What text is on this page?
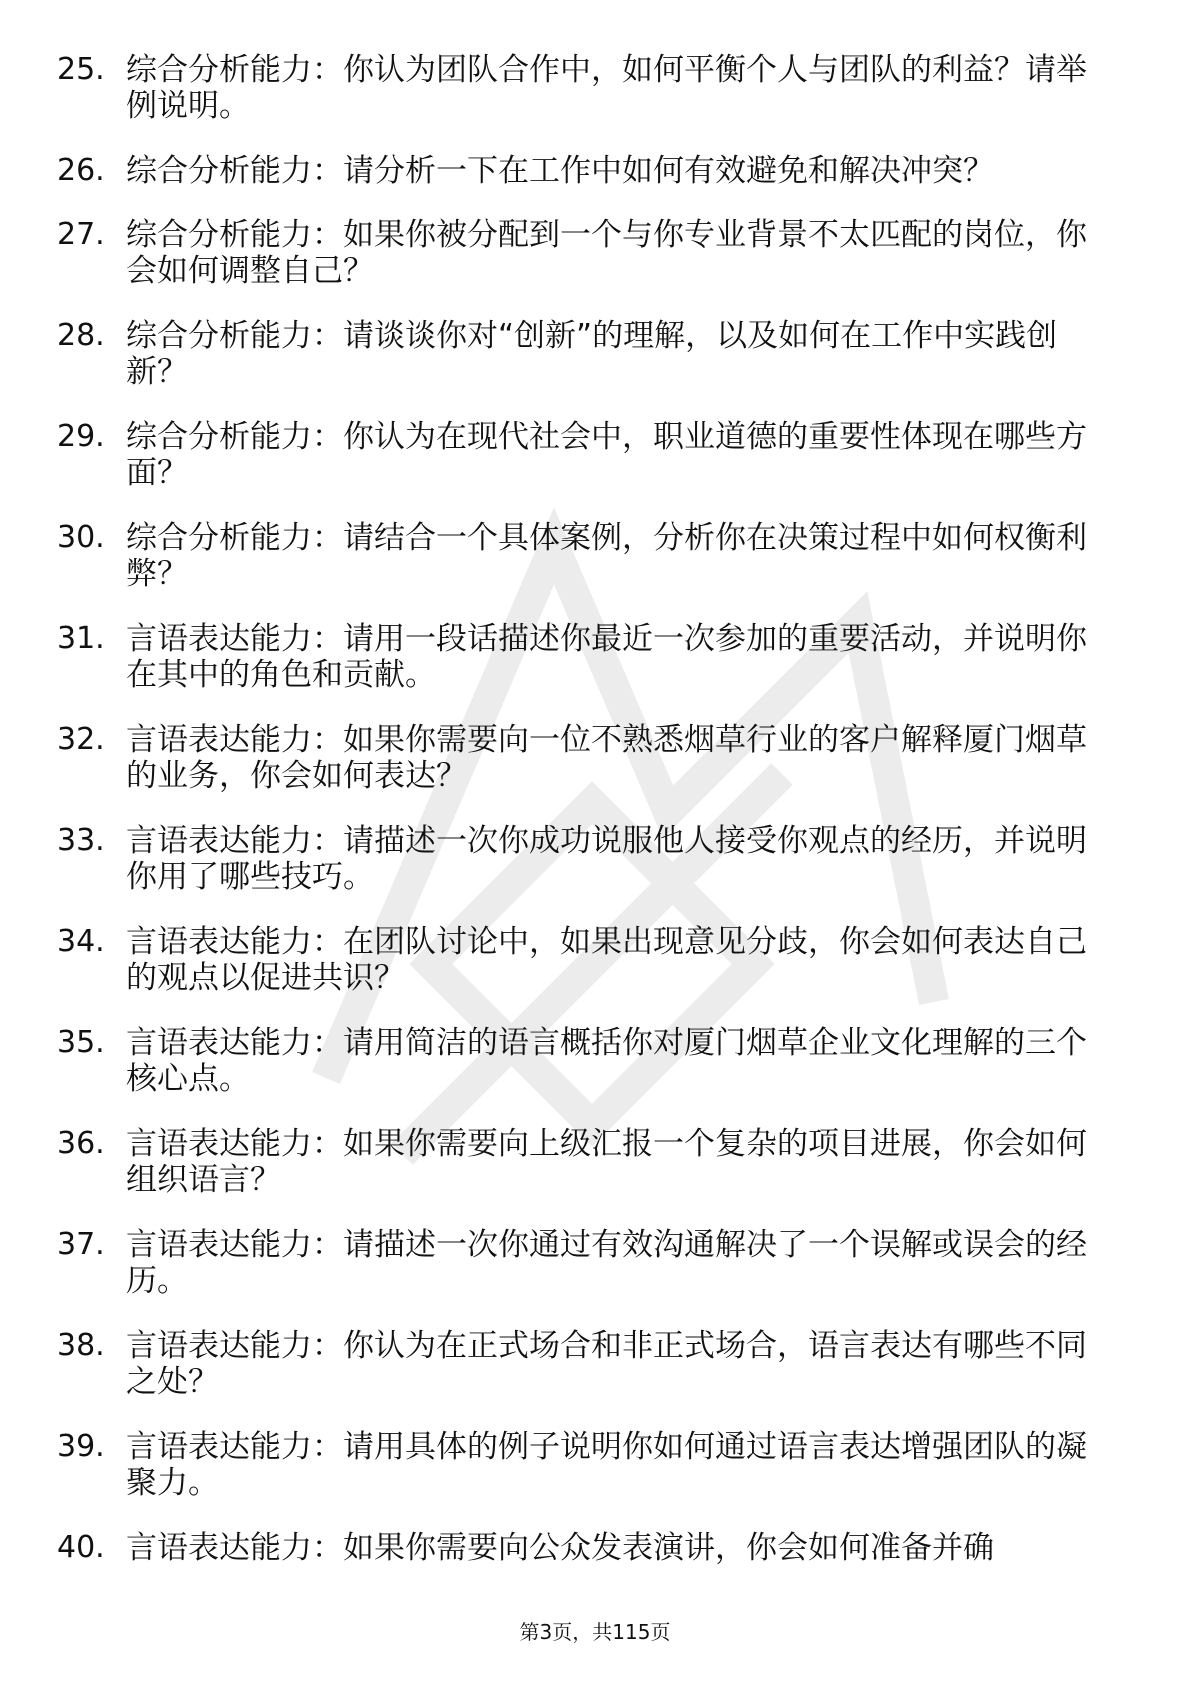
25. 综合分析能力：你认为团队合作中，如何平衡个人与团队的利益？请举例说明。
26. 综合分析能力：请分析一下在工作中如何有效避免和解决冲突？
27. 综合分析能力：如果你被分配到一个与你专业背景不太匹配的岗位，你会如何调整自己？
28. 综合分析能力：请谈谈你对“创新”的理解，以及如何在工作中实践创新？
29. 综合分析能力：你认为在现代社会中，职业道德的重要性体现在哪些方面？
30. 综合分析能力：请结合一个具体案例，分析你在决策过程中如何权衡利弊？
31. 言语表达能力：请用一段话描述你最近一次参加的重要活动，并说明你在其中的角色和贡献。
32. 言语表达能力：如果你需要向一位不熟悉烟草行业的客户解释厦门烟草的业务，你会如何表达？
33. 言语表达能力：请描述一次你成功说服他人接受你观点的经历，并说明你用了哪些技巧。
34. 言语表达能力：在团队讨论中，如果出现意见分歧，你会如何表达自己的观点以促进共识？
35. 言语表达能力：请用简洁的语言概括你对厦门烟草企业文化理解的三个核心点。
36. 言语表达能力：如果你需要向上级汇报一个复杂的项目进展，你会如何组织语言？
37. 言语表达能力：请描述一次你通过有效沟通解决了一个误解或误会的经历。
38. 言语表达能力：你认为在正式场合和非正式场合，语言表达有哪些不同之处？
39. 言语表达能力：请用具体的例子说明你如何通过语言表达增强团队的凝聚力。
40. 言语表达能力：如果你需要向公众发表演讲，你会如何准备并确
第3页，共115页
